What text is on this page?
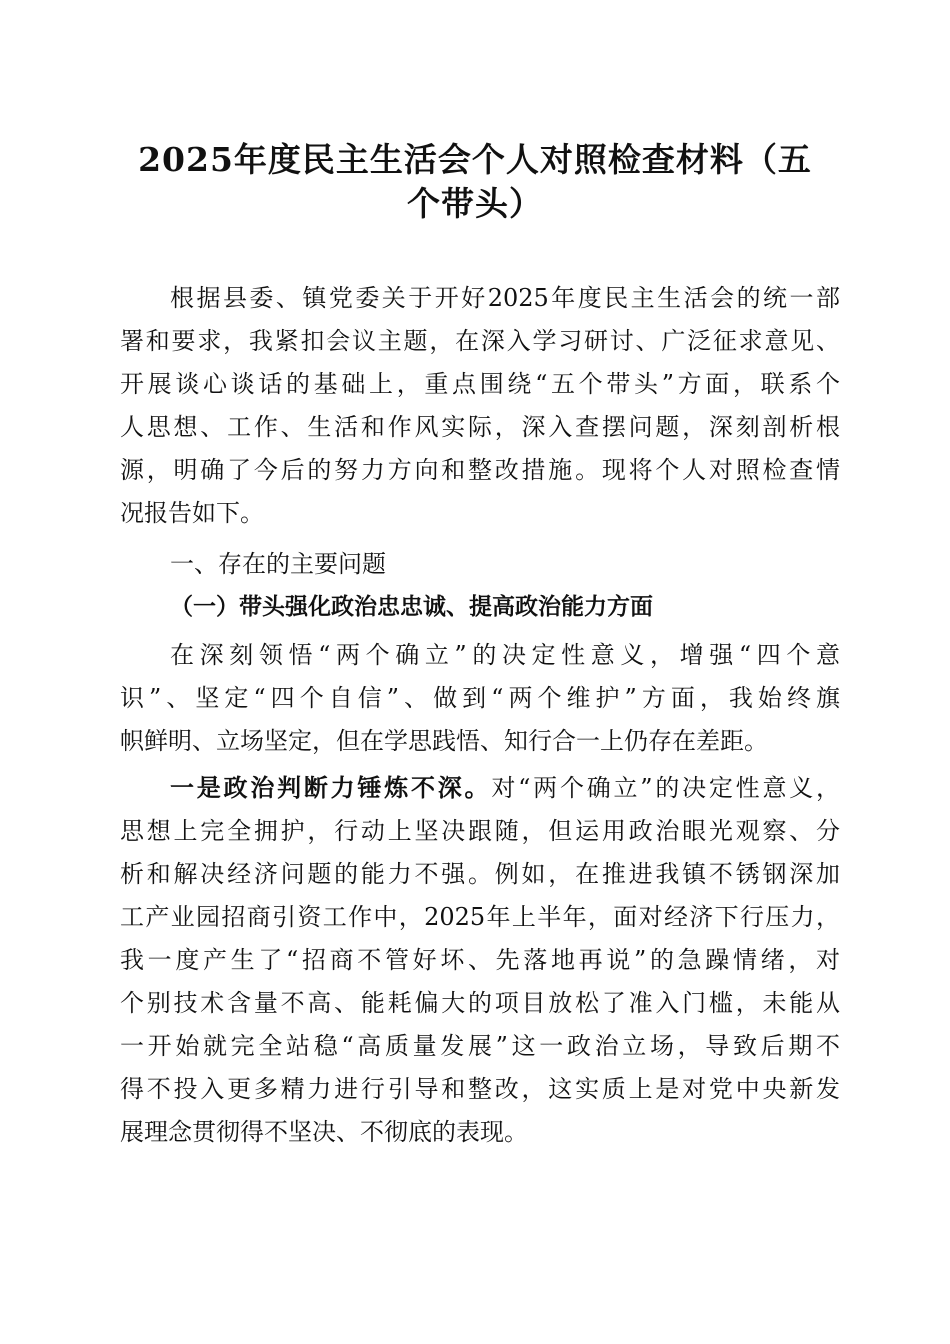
2025年度民主生活会个人对照检查材料（五
个带头）

根据县委、镇党委关于开好2025年度民主生活会的统一部

署和要求，我紧扣会议主题，在深入学习研讨、广泛征求意见、

开展谈心谈话的基础上，重点围绕“五个带头”方面，联系个

人思想、工作、生活和作风实际，深入查摆问题，深刻剖析根

源，明确了今后的努力方向和整改措施。现将个人对照检查情

况报告如下。

一、存在的主要问题

（一）带头强化政治忠忠诚、提高政治能力方面

在深刻领悟“两个确立”的决定性意义，增强“四个意

识”、坚定“四个自信”、做到“两个维护”方面，我始终旗

帜鲜明、立场坚定，但在学思践悟、知行合一上仍存在差距。

一是政治判断力锤炼不深。对“两个确立”的决定性意义，

思想上完全拥护，行动上坚决跟随，但运用政治眼光观察、分

析和解决经济问题的能力不强。例如，在推进我镇不锈钢深加

工产业园招商引资工作中，2025年上半年，面对经济下行压力，

我一度产生了“招商不管好坏、先落地再说”的急躁情绪，对

个别技术含量不高、能耗偏大的项目放松了准入门槛，未能从

一开始就完全站稳“高质量发展”这一政治立场，导致后期不

得不投入更多精力进行引导和整改，这实质上是对党中央新发

展理念贯彻得不坚决、不彻底的表现。
